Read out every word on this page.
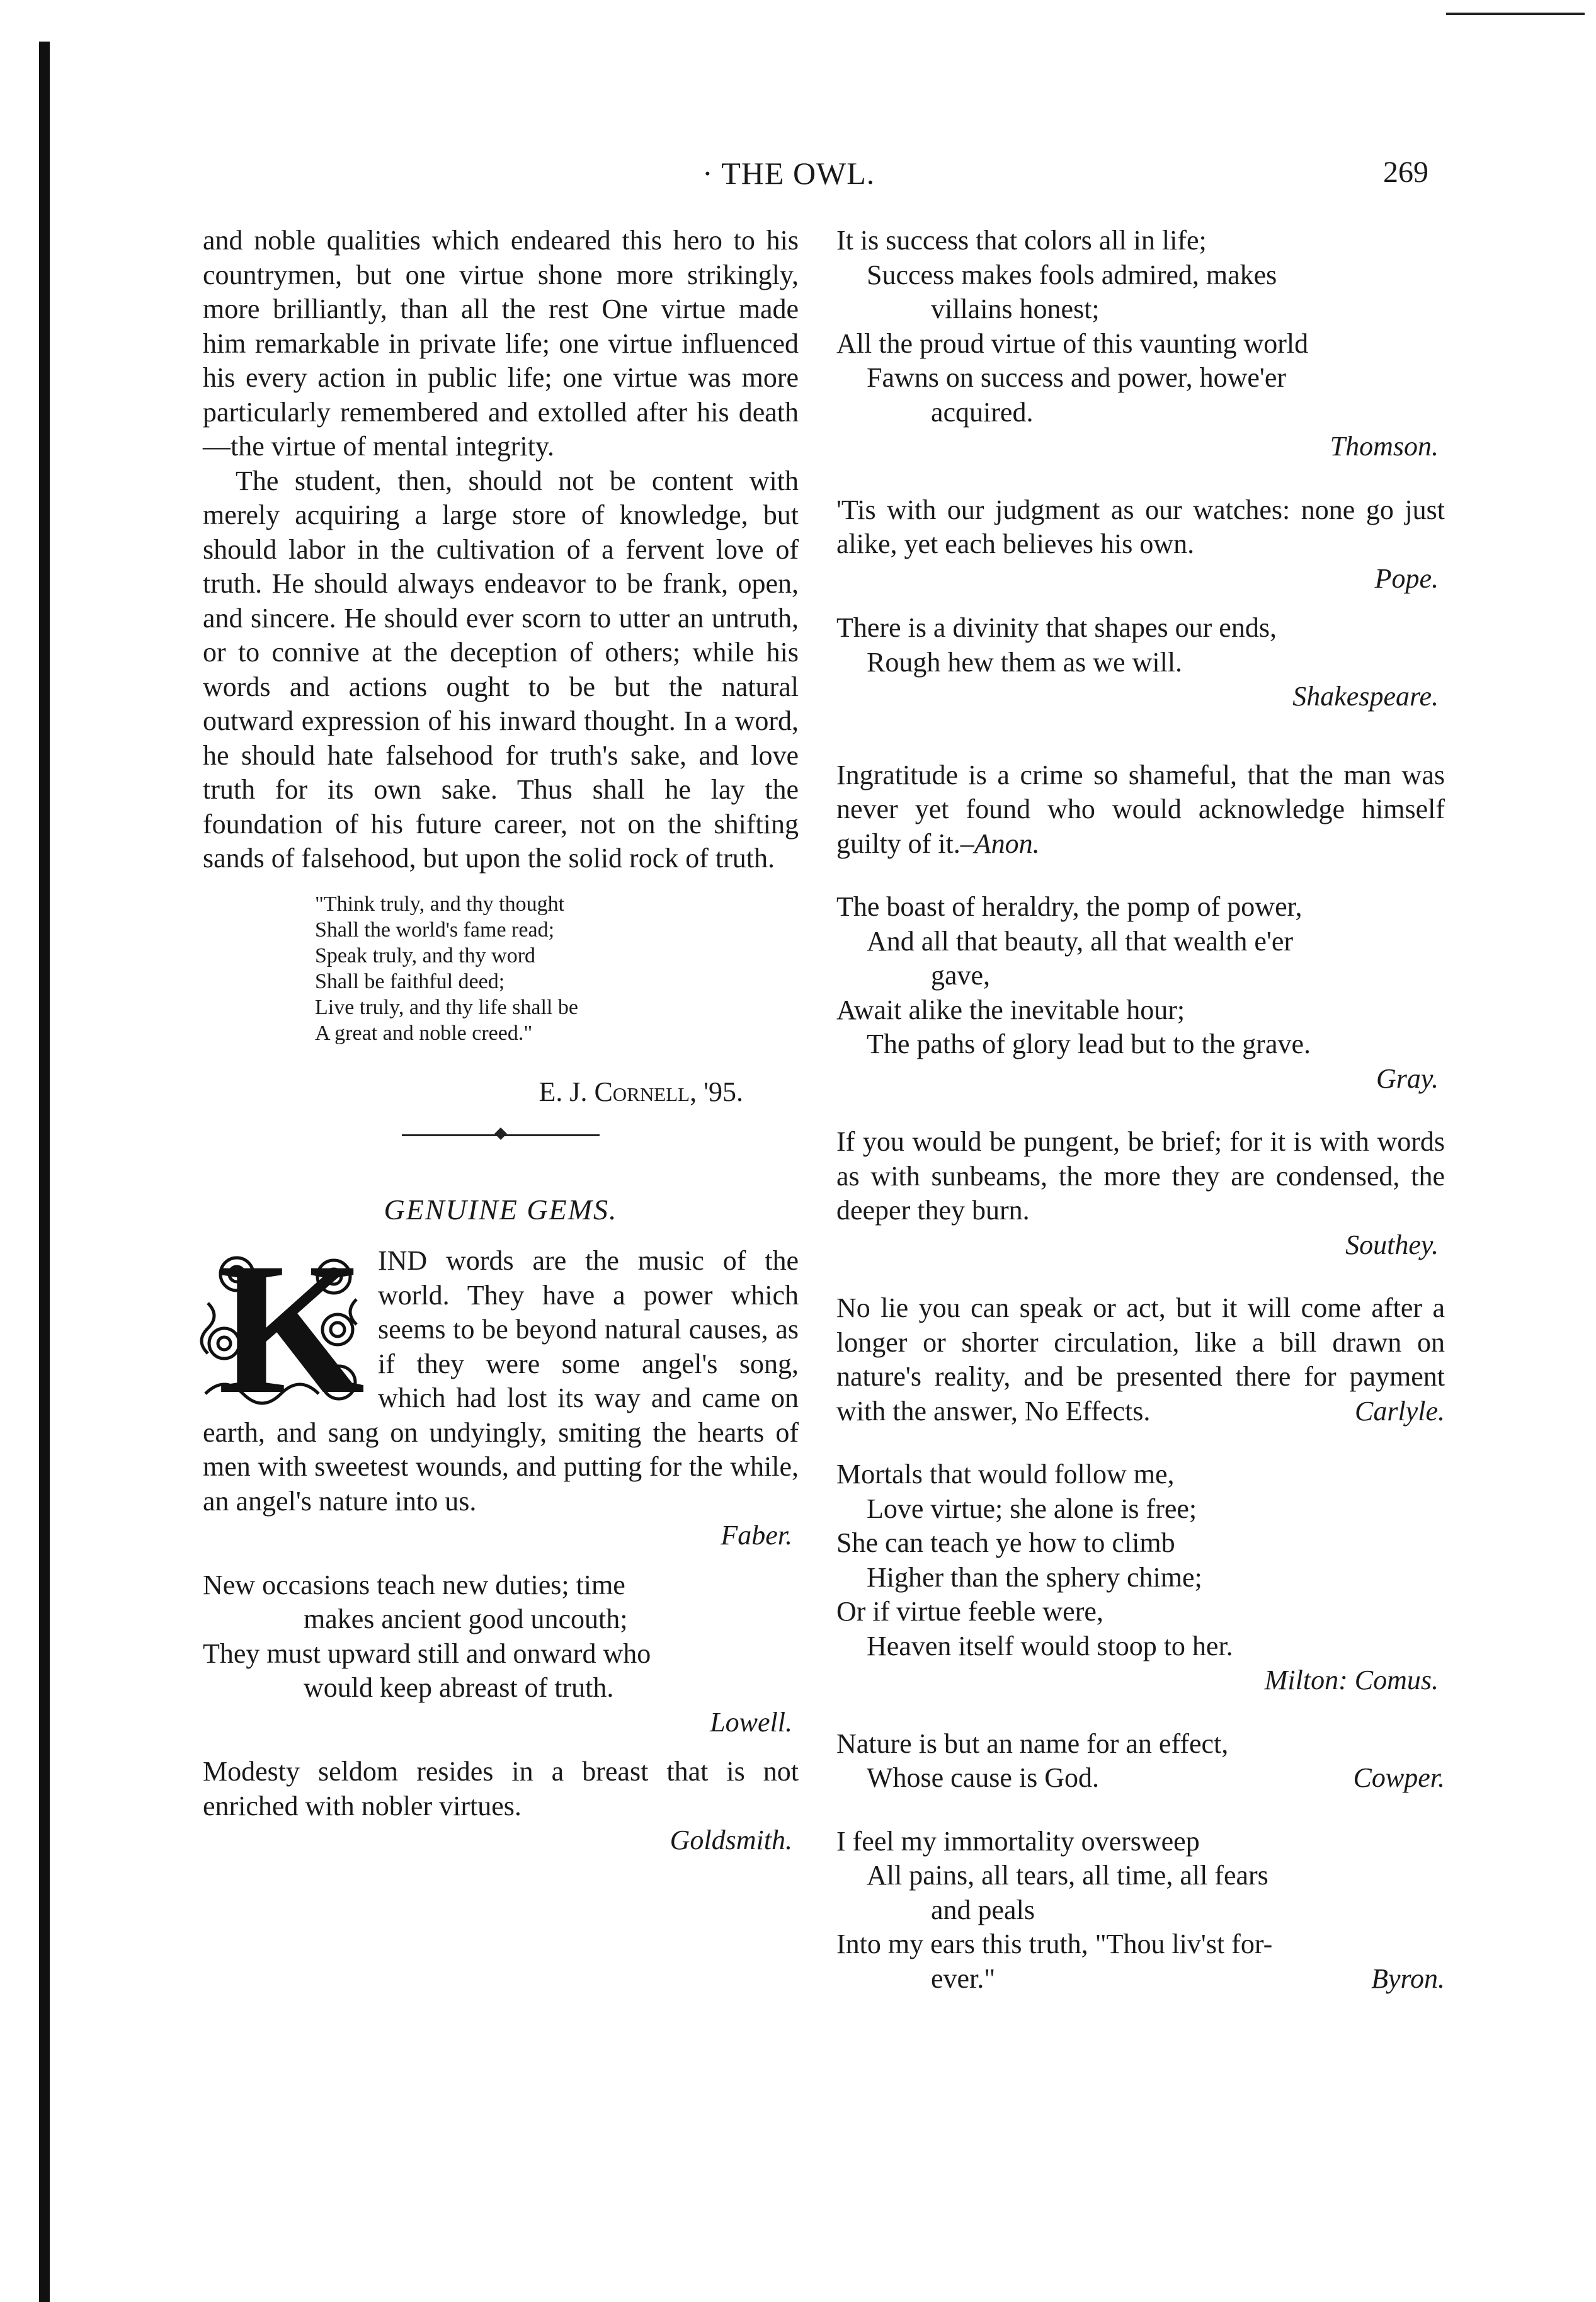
· THE OWL.	269

and noble qualities which endeared this hero to his countrymen, but one virtue shone more strikingly, more brilliantly, than all the rest One virtue made him remarkable in private life; one virtue influenced his every action in public life; one virtue was more particularly remembered and extolled after his death—the virtue of mental integrity.

The student, then, should not be content with merely acquiring a large store of knowledge, but should labor in the cultivation of a fervent love of truth. He should always endeavor to be frank, open, and sincere. He should ever scorn to utter an untruth, or to connive at the deception of others; while his words and actions ought to be but the natural outward expression of his inward thought. In a word, he should hate falsehood for truth's sake, and love truth for its own sake. Thus shall he lay the foundation of his future career, not on the shifting sands of falsehood, but upon the solid rock of truth.

"Think truly, and thy thought
Shall the world's fame read;
Speak truly, and thy word
Shall be faithful deed;
Live truly, and thy life shall be
A great and noble creed."

E. J. Cornell, '95.

GENUINE GEMS.

K IND words are the music of the world. They have a power which seems to be beyond natural causes, as if they were some angel's song, which had lost its way and came on earth, and sang on undyingly, smiting the hearts of men with sweetest wounds, and putting for the while, an angel's nature into us.

Faber.
New occasions teach new duties; time
makes ancient good uncouth;
They must upward still and onward who
would keep abreast of truth.
Lowell.

Modesty seldom resides in a breast that is not enriched with nobler virtues.

Goldsmith.
It is success that colors all in life;
Success makes fools admired, makes
villains honest;
All the proud virtue of this vaunting world
Fawns on success and power, howe'er
acquired.
Thomson.

'Tis with our judgment as our watches: none go just alike, yet each believes his own.

Pope.
There is a divinity that shapes our ends,
Rough hew them as we will.
Shakespeare.

Ingratitude is a crime so shameful, that the man was never yet found who would acknowledge himself guilty of it.–Anon.

The boast of heraldry, the pomp of power,
And all that beauty, all that wealth e'er
gave,
Await alike the inevitable hour;
The paths of glory lead but to the grave.
Gray.

If you would be pungent, be brief; for it is with words as with sunbeams, the more they are condensed, the deeper they burn.

Southey.

No lie you can speak or act, but it will come after a longer or shorter circulation, like a bill drawn on nature's reality, and be presented there for payment with the answer, No Effects.	Carlyle.

Mortals that would follow me,
Love virtue; she alone is free;
She can teach ye how to climb
Higher than the sphery chime;
Or if virtue feeble were,
Heaven itself would stoop to her.
Milton: Comus.
Nature is but an name for an effect,
Whose cause is God.	Cowper.
I feel my immortality oversweep
All pains, all tears, all time, all fears
and peals
Into my ears this truth, "Thou liv'st for-
ever."	Byron.
